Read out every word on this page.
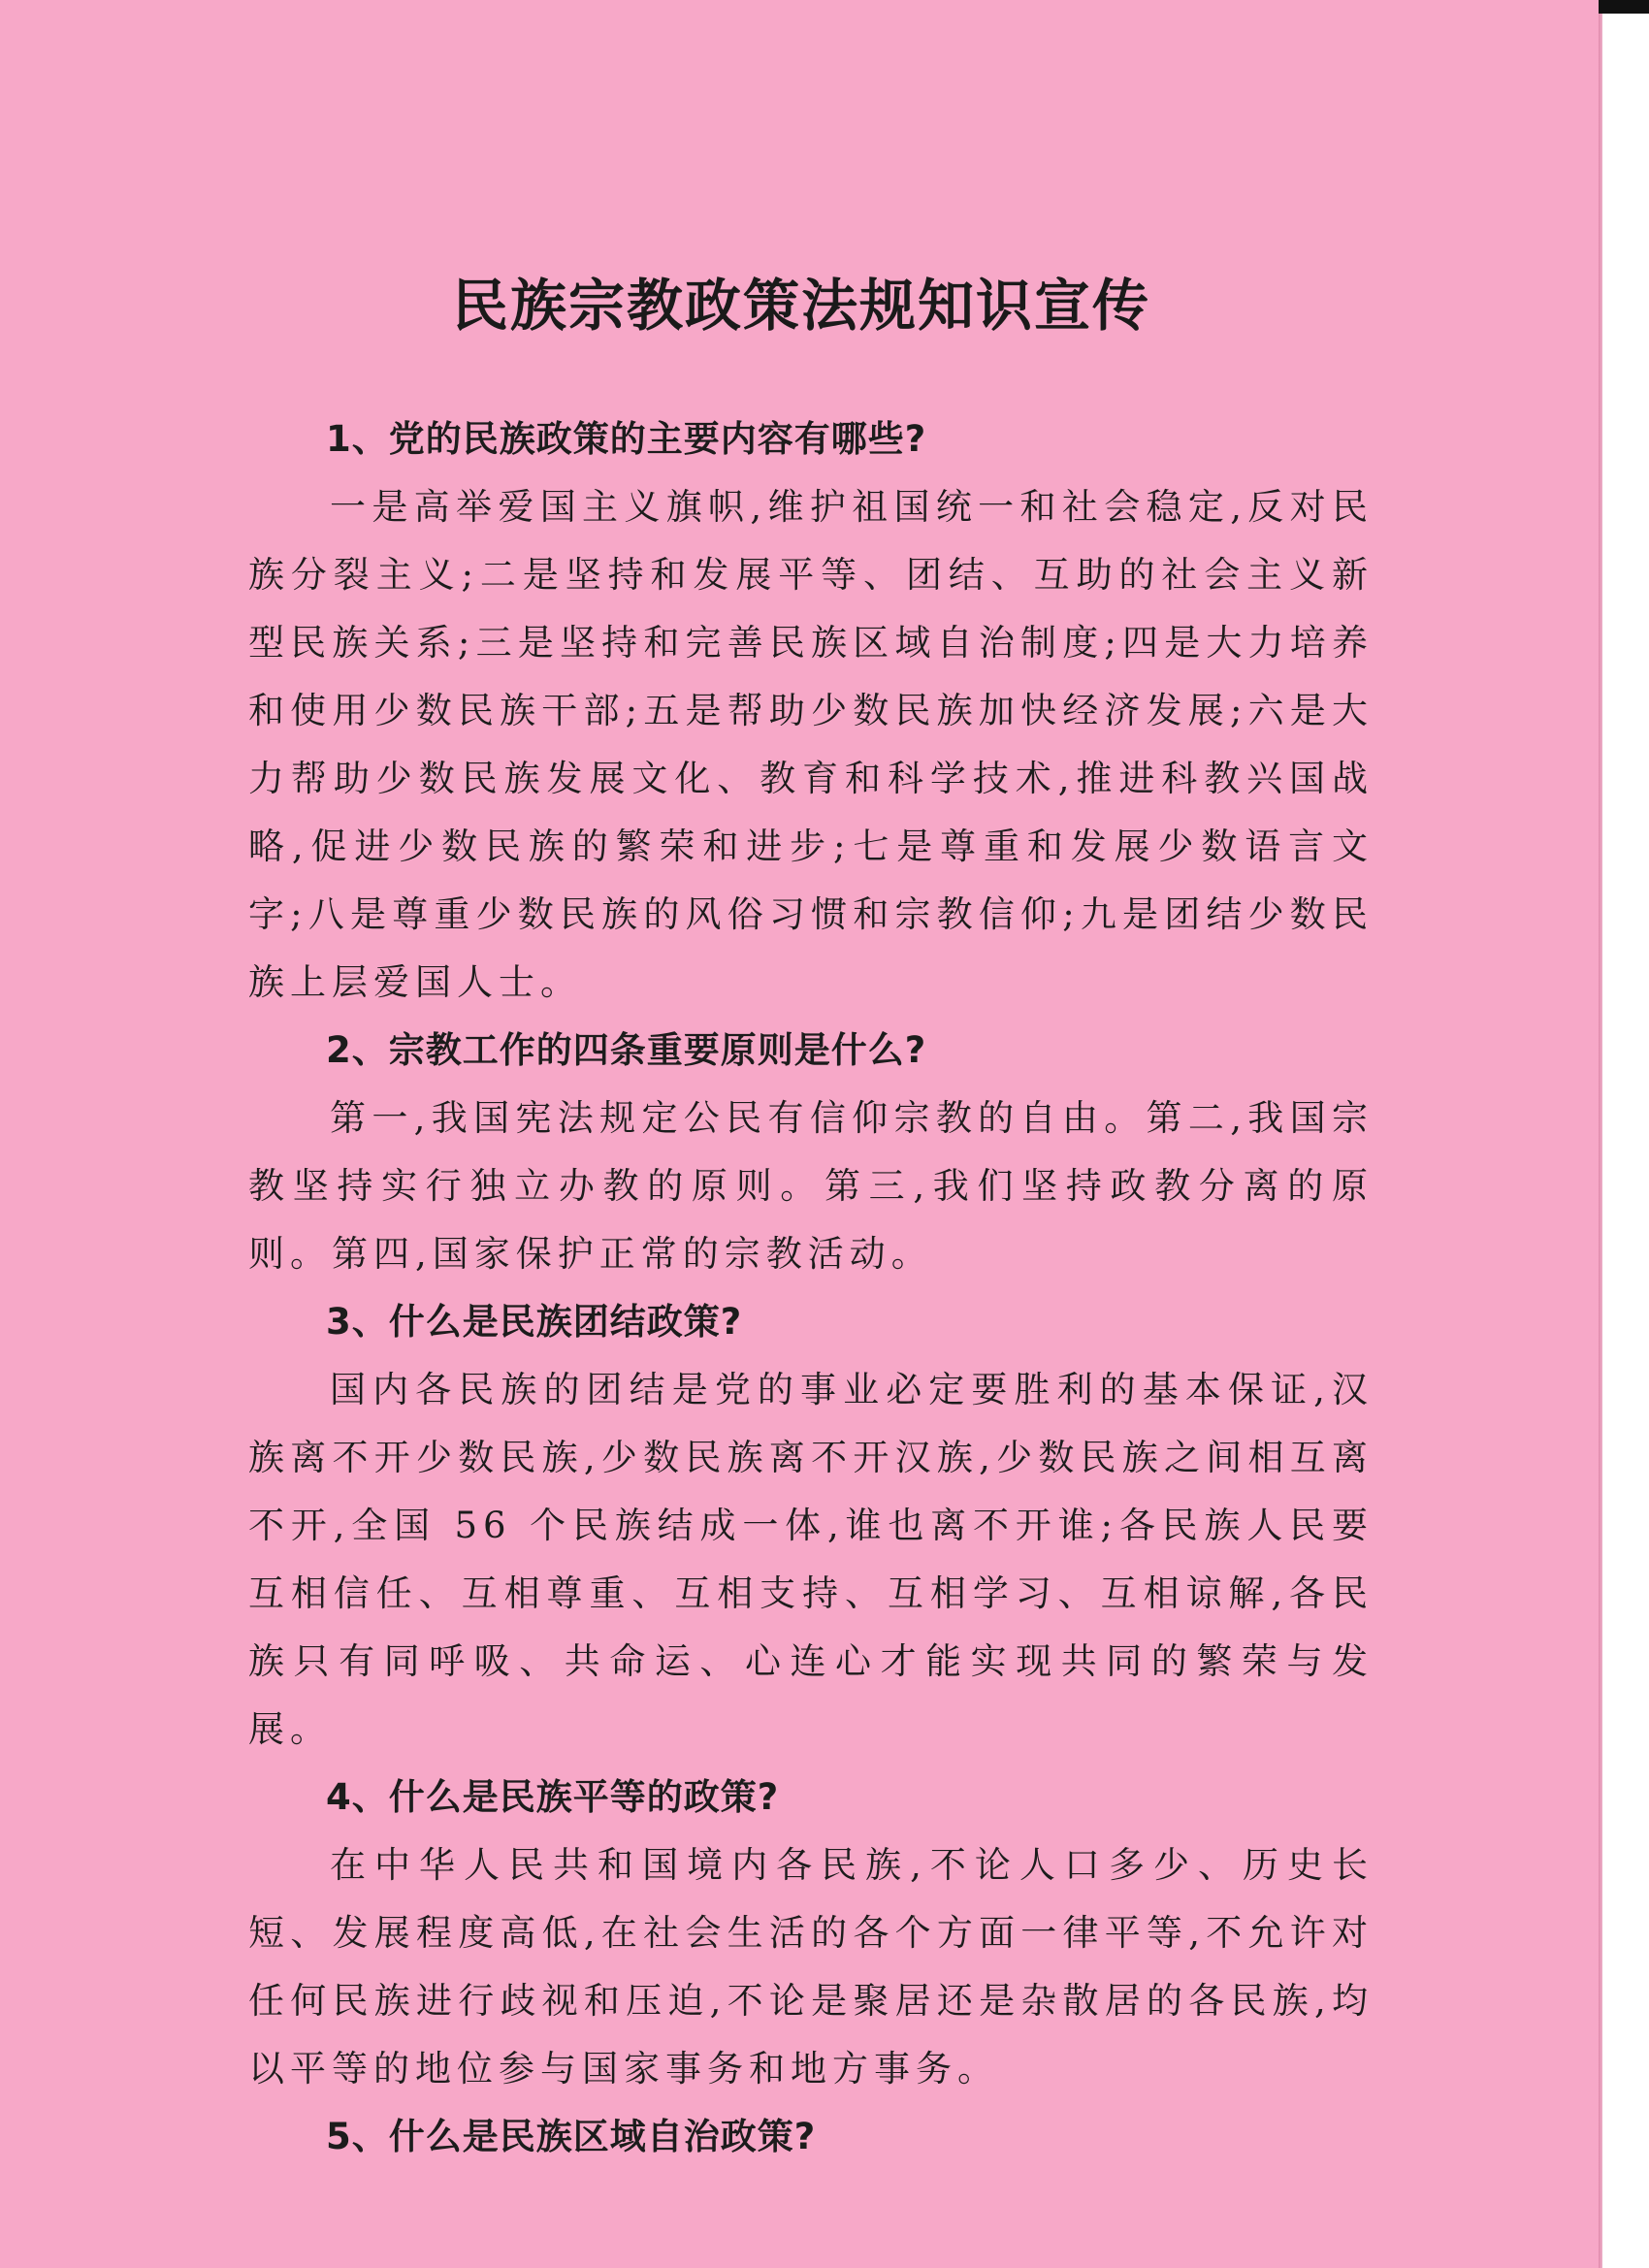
民族宗教政策法规知识宣传

1、党的民族政策的主要内容有哪些?

一是高举爱国主义旗帜,维护祖国统一和社会稳定,反对民族分裂主义;二是坚持和发展平等、团结、互助的社会主义新型民族关系;三是坚持和完善民族区域自治制度;四是大力培养和使用少数民族干部;五是帮助少数民族加快经济发展;六是大力帮助少数民族发展文化、教育和科学技术,推进科教兴国战略,促进少数民族的繁荣和进步;七是尊重和发展少数语言文字;八是尊重少数民族的风俗习惯和宗教信仰;九是团结少数民族上层爱国人士。

2、宗教工作的四条重要原则是什么?

第一,我国宪法规定公民有信仰宗教的自由。第二,我国宗教坚持实行独立办教的原则。第三,我们坚持政教分离的原则。第四,国家保护正常的宗教活动。

3、什么是民族团结政策?

国内各民族的团结是党的事业必定要胜利的基本保证,汉族离不开少数民族,少数民族离不开汉族,少数民族之间相互离不开,全国 56 个民族结成一体,谁也离不开谁;各民族人民要互相信任、互相尊重、互相支持、互相学习、互相谅解,各民族只有同呼吸、共命运、心连心才能实现共同的繁荣与发展。

4、什么是民族平等的政策?

在中华人民共和国境内各民族,不论人口多少、历史长短、发展程度高低,在社会生活的各个方面一律平等,不允许对任何民族进行歧视和压迫,不论是聚居还是杂散居的各民族,均以平等的地位参与国家事务和地方事务。

5、什么是民族区域自治政策?
